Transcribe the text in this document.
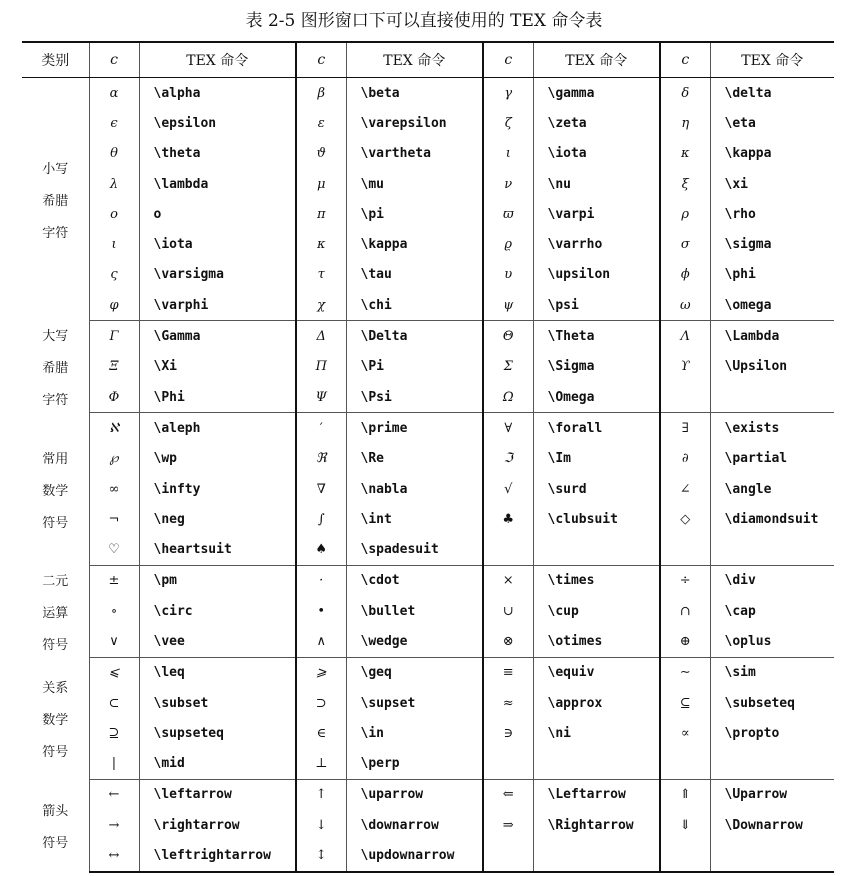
表 2-5 图形窗口下可以直接使用的 TEX 命令表
类别	c	TEX 命令	c	TEX 命令	c	TEX 命令	c	TEX 命令

小写
希腊
字符	α	\alpha	β	\beta	γ	\gamma	δ	\delta
	ϵ	\epsilon	ε	\varepsilon	ζ	\zeta	η	\eta
	θ	\theta	ϑ	\vartheta	ι	\iota	κ	\kappa
	λ	\lambda	μ	\mu	ν	\nu	ξ	\xi
	o	o	π	\pi	ϖ	\varpi	ρ	\rho
	ι	\iota	κ	\kappa	ϱ	\varrho	σ	\sigma
	ς	\varsigma	τ	\tau	υ	\upsilon	ϕ	\phi
	φ	\varphi	χ	\chi	ψ	\psi	ω	\omega

大写
希腊
字符	Γ	\Gamma	Δ	\Delta	Θ	\Theta	Λ	\Lambda
	Ξ	\Xi	Π	\Pi	Σ	\Sigma	ϒ	\Upsilon
	Φ	\Phi	Ψ	\Psi	Ω	\Omega		

常用
数学
符号	ℵ	\aleph	′	\prime	∀	\forall	∃	\exists
	℘	\wp	ℜ	\Re	ℑ	\Im	∂	\partial
	∞	\infty	∇	\nabla	√	\surd	∠	\angle
	¬	\neg	∫	\int	♣	\clubsuit	◇	\diamondsuit
	♡	\heartsuit	♠	\spadesuit				

二元
运算
符号	±	\pm	·	\cdot	×	\times	÷	\div
	∘	\circ	•	\bullet	∪	\cup	∩	\cap
	∨	\vee	∧	\wedge	⊗	\otimes	⊕	\oplus

关系
数学
符号	⩽	\leq	⩾	\geq	≡	\equiv	∼	\sim
	⊂	\subset	⊃	\supset	≈	\approx	⊆	\subseteq
	⊇	\supseteq	∈	\in	∋	\ni	∝	\propto
	|	\mid	⊥	\perp				

箭头
符号	←	\leftarrow	↑	\uparrow	⇐	\Leftarrow	⇑	\Uparrow
	→	\rightarrow	↓	\downarrow	⇒	\Rightarrow	⇓	\Downarrow
	↔	\leftrightarrow	↕	\updownarrow				
